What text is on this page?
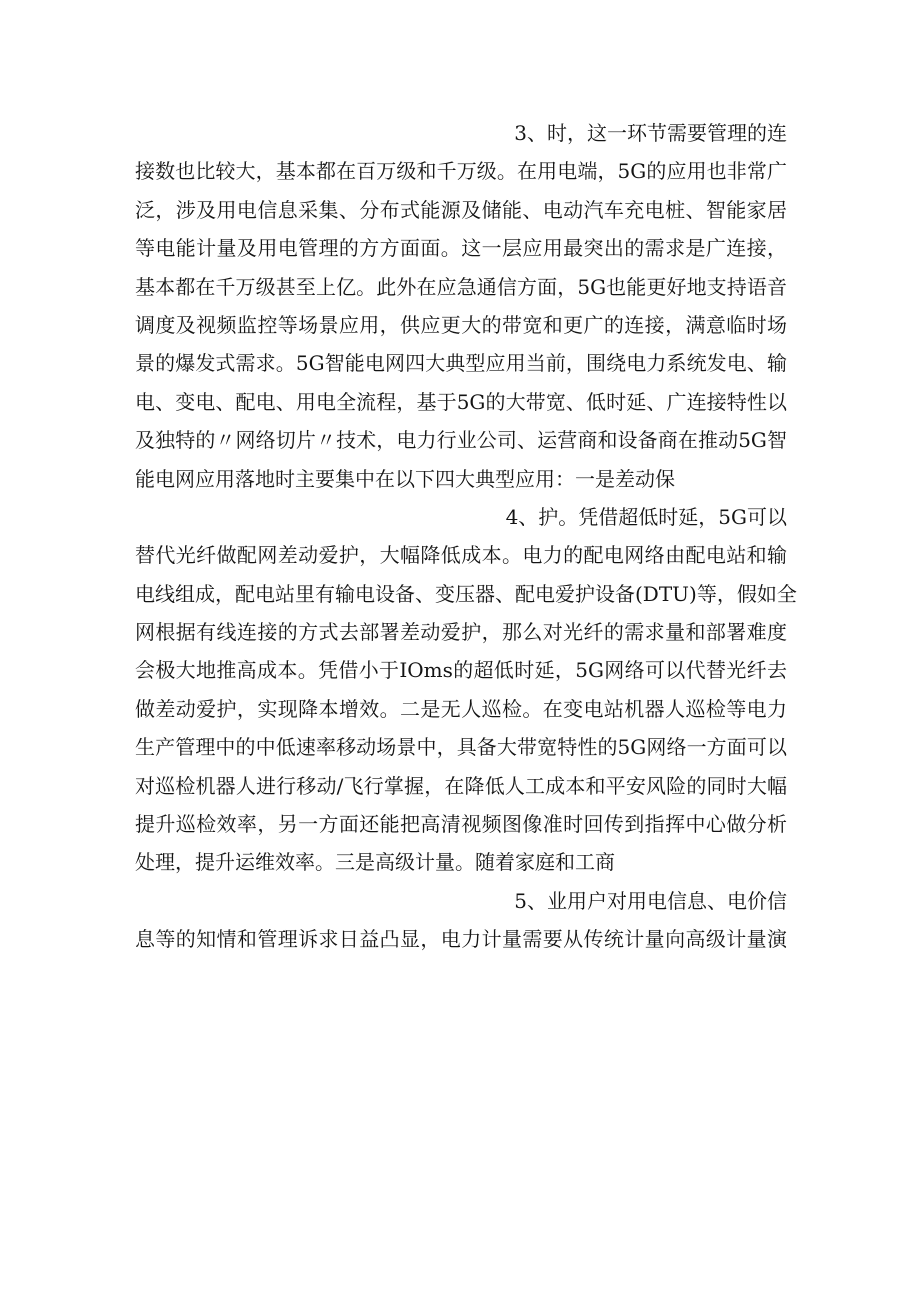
3、时，这一环节需要管理的连
接数也比较大，基本都在百万级和千万级。在用电端，5G的应用也非常广
泛，涉及用电信息采集、分布式能源及储能、电动汽车充电桩、智能家居
等电能计量及用电管理的方方面面。这一层应用最突出的需求是广连接，
基本都在千万级甚至上亿。此外在应急通信方面，5G也能更好地支持语音
调度及视频监控等场景应用，供应更大的带宽和更广的连接，满意临时场
景的爆发式需求。5G智能电网四大典型应用当前，围绕电力系统发电、输
电、变电、配电、用电全流程，基于5G的大带宽、低时延、广连接特性以
及独特的〃网络切片〃技术，电力行业公司、运营商和设备商在推动5G智
能电网应用落地时主要集中在以下四大典型应用：一是差动保
4、护。凭借超低时延，5G可以
替代光纤做配网差动爱护，大幅降低成本。电力的配电网络由配电站和输
电线组成，配电站里有输电设备、变压器、配电爱护设备(DTU)等，假如全
网根据有线连接的方式去部署差动爱护，那么对光纤的需求量和部署难度
会极大地推高成本。凭借小于IOms的超低时延，5G网络可以代替光纤去
做差动爱护，实现降本增效。二是无人巡检。在变电站机器人巡检等电力
生产管理中的中低速率移动场景中，具备大带宽特性的5G网络一方面可以
对巡检机器人进行移动/飞行掌握，在降低人工成本和平安风险的同时大幅
提升巡检效率，另一方面还能把高清视频图像准时回传到指挥中心做分析
处理，提升运维效率。三是高级计量。随着家庭和工商
5、业用户对用电信息、电价信
息等的知情和管理诉求日益凸显，电力计量需要从传统计量向高级计量演
